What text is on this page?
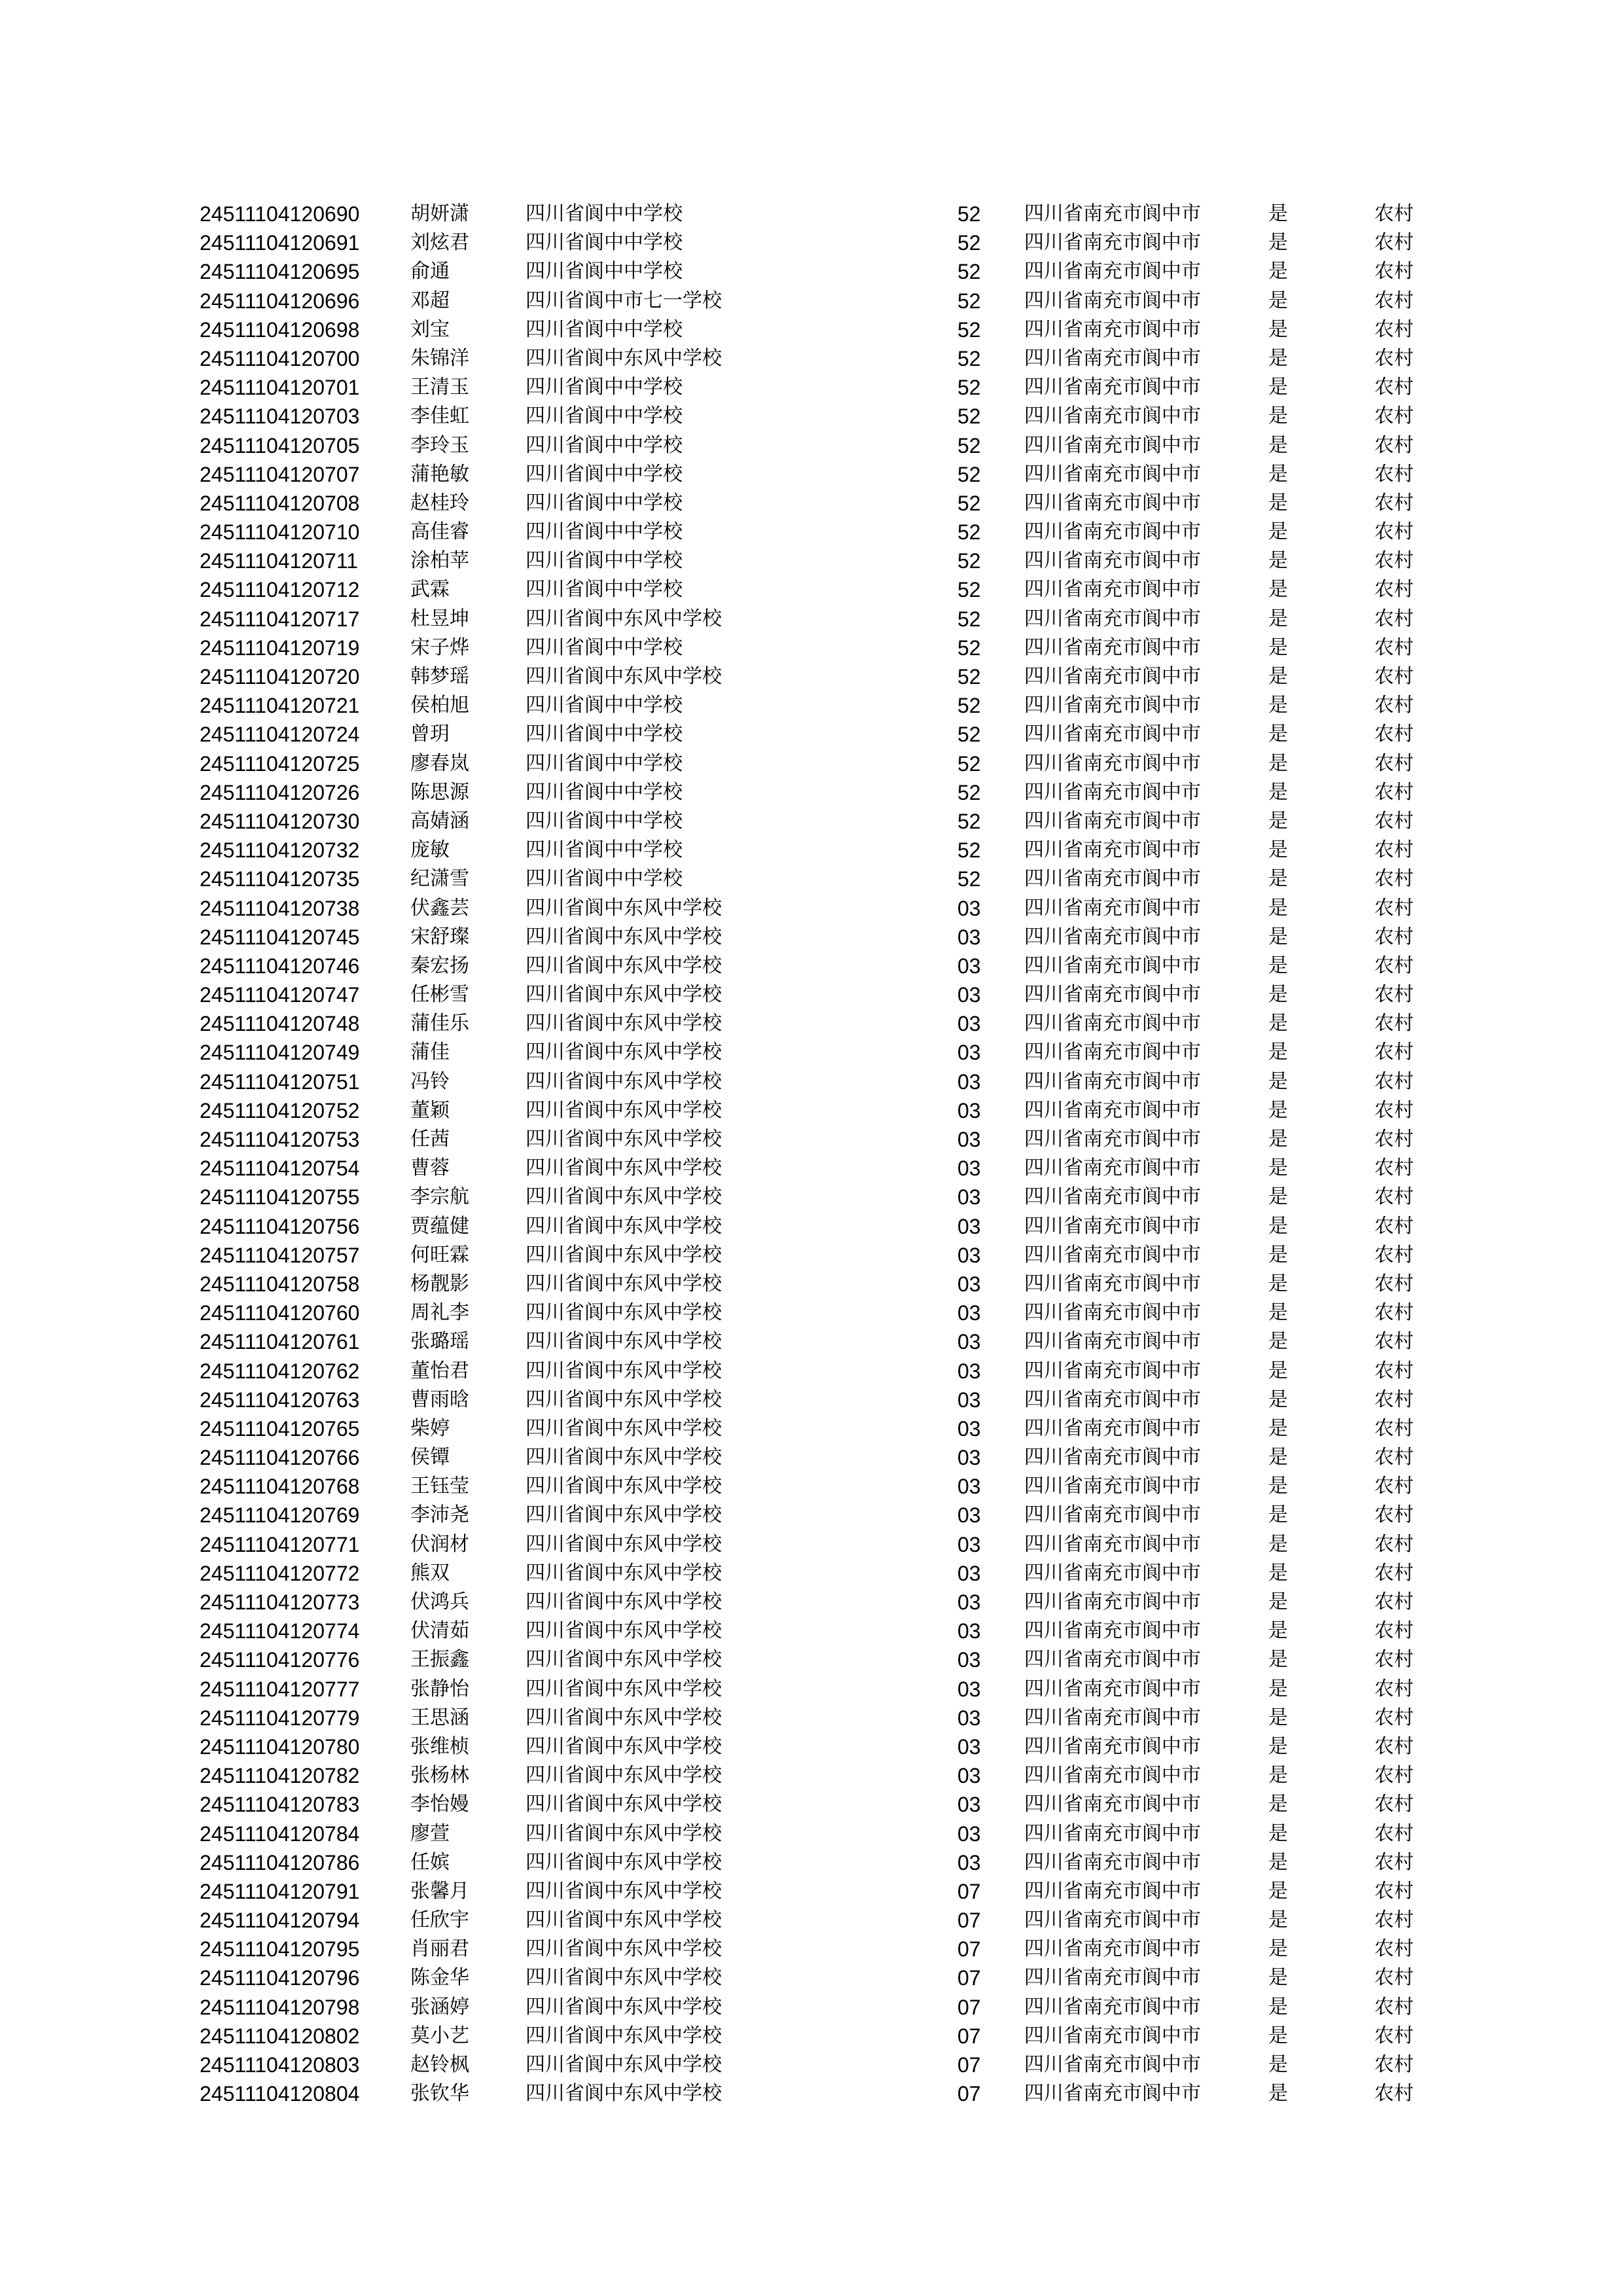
24511104120690	胡妍潇	四川省阆中中学校	52 四川省南充市阆中市	是	农村
24511104120691	刘炫君	四川省阆中中学校	52 四川省南充市阆中市	是	农村
24511104120695	俞通	四川省阆中中学校	52 四川省南充市阆中市	是	农村
24511104120696	邓超	四川省阆中市七一学校	52 四川省南充市阆中市	是	农村
24511104120698	刘宝	四川省阆中中学校	52 四川省南充市阆中市	是	农村
24511104120700	朱锦洋	四川省阆中东风中学校	52 四川省南充市阆中市	是	农村
24511104120701	王清玉	四川省阆中中学校	52 四川省南充市阆中市	是	农村
24511104120703	李佳虹	四川省阆中中学校	52 四川省南充市阆中市	是	农村
24511104120705	李玲玉	四川省阆中中学校	52 四川省南充市阆中市	是	农村
24511104120707	蒲艳敏	四川省阆中中学校	52 四川省南充市阆中市	是	农村
24511104120708	赵桂玲	四川省阆中中学校	52 四川省南充市阆中市	是	农村
24511104120710	高佳睿	四川省阆中中学校	52 四川省南充市阆中市	是	农村
24511104120711	涂柏苹	四川省阆中中学校	52 四川省南充市阆中市	是	农村
24511104120712	武霖	四川省阆中中学校	52 四川省南充市阆中市	是	农村
24511104120717	杜昱坤	四川省阆中东风中学校	52 四川省南充市阆中市	是	农村
24511104120719	宋子烨	四川省阆中中学校	52 四川省南充市阆中市	是	农村
24511104120720	韩梦瑶	四川省阆中东风中学校	52 四川省南充市阆中市	是	农村
24511104120721	侯柏旭	四川省阆中中学校	52 四川省南充市阆中市	是	农村
24511104120724	曾玥	四川省阆中中学校	52 四川省南充市阆中市	是	农村
24511104120725	廖春岚	四川省阆中中学校	52 四川省南充市阆中市	是	农村
24511104120726	陈思源	四川省阆中中学校	52 四川省南充市阆中市	是	农村
24511104120730	高婧涵	四川省阆中中学校	52 四川省南充市阆中市	是	农村
24511104120732	庞敏	四川省阆中中学校	52 四川省南充市阆中市	是	农村
24511104120735	纪潇雪	四川省阆中中学校	52 四川省南充市阆中市	是	农村
24511104120738	伏鑫芸	四川省阆中东风中学校	03 四川省南充市阆中市	是	农村
24511104120745	宋舒璨	四川省阆中东风中学校	03 四川省南充市阆中市	是	农村
24511104120746	秦宏扬	四川省阆中东风中学校	03 四川省南充市阆中市	是	农村
24511104120747	任彬雪	四川省阆中东风中学校	03 四川省南充市阆中市	是	农村
24511104120748	蒲佳乐	四川省阆中东风中学校	03 四川省南充市阆中市	是	农村
24511104120749	蒲佳	四川省阆中东风中学校	03 四川省南充市阆中市	是	农村
24511104120751	冯铃	四川省阆中东风中学校	03 四川省南充市阆中市	是	农村
24511104120752	董颖	四川省阆中东风中学校	03 四川省南充市阆中市	是	农村
24511104120753	任茜	四川省阆中东风中学校	03 四川省南充市阆中市	是	农村
24511104120754	曹蓉	四川省阆中东风中学校	03 四川省南充市阆中市	是	农村
24511104120755	李宗航	四川省阆中东风中学校	03 四川省南充市阆中市	是	农村
24511104120756	贾蕴健	四川省阆中东风中学校	03 四川省南充市阆中市	是	农村
24511104120757	何旺霖	四川省阆中东风中学校	03 四川省南充市阆中市	是	农村
24511104120758	杨靓影	四川省阆中东风中学校	03 四川省南充市阆中市	是	农村
24511104120760	周礼李	四川省阆中东风中学校	03 四川省南充市阆中市	是	农村
24511104120761	张璐瑶	四川省阆中东风中学校	03 四川省南充市阆中市	是	农村
24511104120762	董怡君	四川省阆中东风中学校	03 四川省南充市阆中市	是	农村
24511104120763	曹雨晗	四川省阆中东风中学校	03 四川省南充市阆中市	是	农村
24511104120765	柴婷	四川省阆中东风中学校	03 四川省南充市阆中市	是	农村
24511104120766	侯镡	四川省阆中东风中学校	03 四川省南充市阆中市	是	农村
24511104120768	王钰莹	四川省阆中东风中学校	03 四川省南充市阆中市	是	农村
24511104120769	李沛尧	四川省阆中东风中学校	03 四川省南充市阆中市	是	农村
24511104120771	伏润材	四川省阆中东风中学校	03 四川省南充市阆中市	是	农村
24511104120772	熊双	四川省阆中东风中学校	03 四川省南充市阆中市	是	农村
24511104120773	伏鸿兵	四川省阆中东风中学校	03 四川省南充市阆中市	是	农村
24511104120774	伏清茹	四川省阆中东风中学校	03 四川省南充市阆中市	是	农村
24511104120776	王振鑫	四川省阆中东风中学校	03 四川省南充市阆中市	是	农村
24511104120777	张静怡	四川省阆中东风中学校	03 四川省南充市阆中市	是	农村
24511104120779	王思涵	四川省阆中东风中学校	03 四川省南充市阆中市	是	农村
24511104120780	张维桢	四川省阆中东风中学校	03 四川省南充市阆中市	是	农村
24511104120782	张杨林	四川省阆中东风中学校	03 四川省南充市阆中市	是	农村
24511104120783	李怡嫚	四川省阆中东风中学校	03 四川省南充市阆中市	是	农村
24511104120784	廖萱	四川省阆中东风中学校	03 四川省南充市阆中市	是	农村
24511104120786	任嫔	四川省阆中东风中学校	03 四川省南充市阆中市	是	农村
24511104120791	张馨月	四川省阆中东风中学校	07 四川省南充市阆中市	是	农村
24511104120794	任欣宇	四川省阆中东风中学校	07 四川省南充市阆中市	是	农村
24511104120795	肖丽君	四川省阆中东风中学校	07 四川省南充市阆中市	是	农村
24511104120796	陈金华	四川省阆中东风中学校	07 四川省南充市阆中市	是	农村
24511104120798	张涵婷	四川省阆中东风中学校	07 四川省南充市阆中市	是	农村
24511104120802	莫小艺	四川省阆中东风中学校	07 四川省南充市阆中市	是	农村
24511104120803	赵铃枫	四川省阆中东风中学校	07 四川省南充市阆中市	是	农村
24511104120804	张钦华	四川省阆中东风中学校	07 四川省南充市阆中市	是	农村
